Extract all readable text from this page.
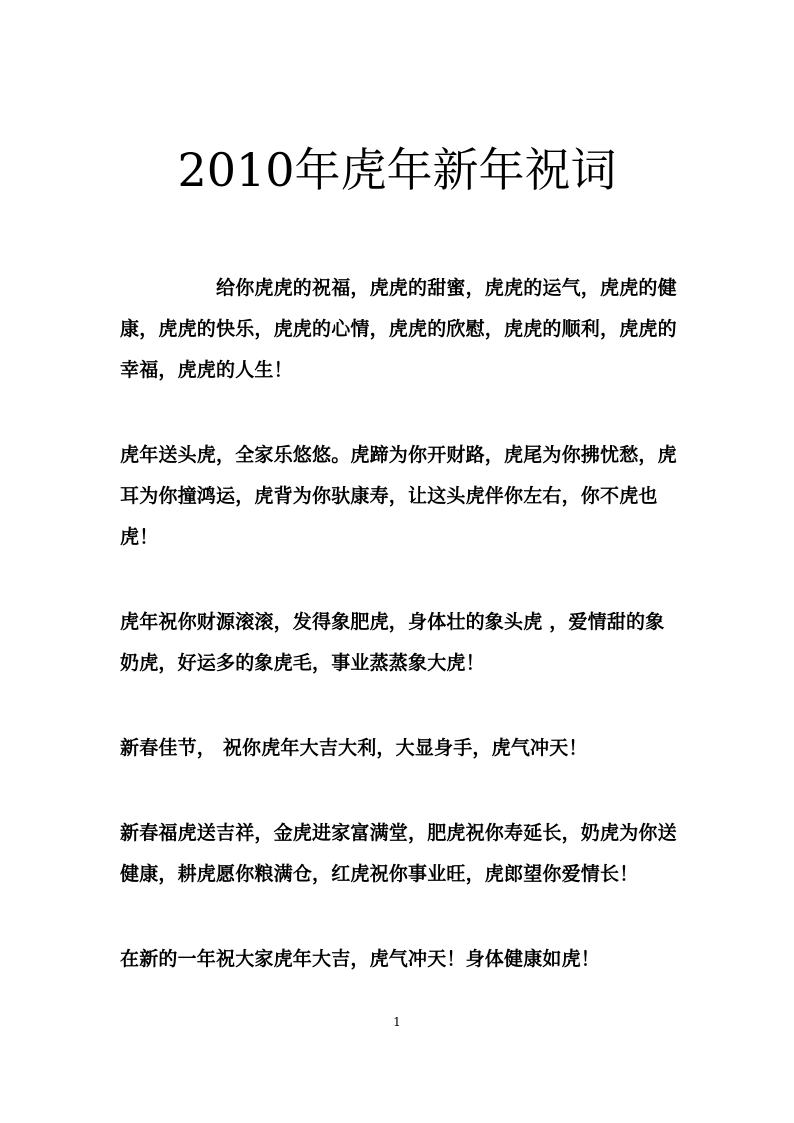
2010年虎年新年祝词

给你虎虎的祝福，虎虎的甜蜜，虎虎的运气，虎虎的健康，虎虎的快乐，虎虎的心情，虎虎的欣慰，虎虎的顺利，虎虎的幸福，虎虎的人生！

虎年送头虎，全家乐悠悠。虎蹄为你开财路，虎尾为你拂忧愁，虎耳为你撞鸿运，虎背为你驮康寿，让这头虎伴你左右，你不虎也虎！

虎年祝你财源滚滚，发得象肥虎，身体壮的象头虎 ，爱情甜的象奶虎，好运多的象虎毛，事业蒸蒸象大虎！

新春佳节， 祝你虎年大吉大利，大显身手，虎气冲天！

新春福虎送吉祥，金虎进家富满堂，肥虎祝你寿延长，奶虎为你送健康，耕虎愿你粮满仓，红虎祝你事业旺，虎郎望你爱情长！

在新的一年祝大家虎年大吉，虎气冲天！身体健康如虎！

1
